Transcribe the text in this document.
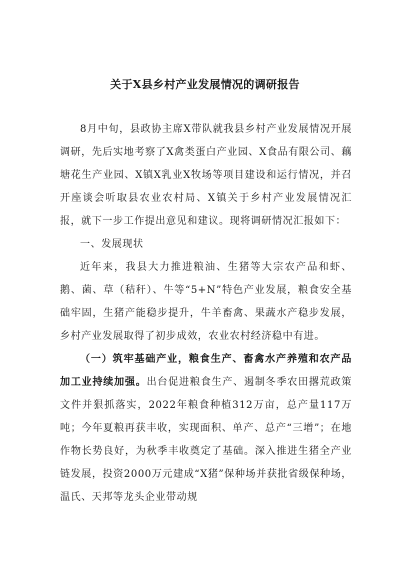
关于X县乡村产业发展情况的调研报告

8月中旬，县政协主席X带队就我县乡村产业发展情况开展调研，先后实地考察了X禽类蛋白产业园、X食品有限公司、藕塘花生产业园、X镇X乳业X牧场等项目建设和运行情况，并召开座谈会听取县农业农村局、X镇关于乡村产业发展情况汇报，就下一步工作提出意见和建议。现将调研情况汇报如下：

一、发展现状

近年来，我县大力推进粮油、生猪等大宗农产品和虾、鹅、菌、草（秸秆）、牛等“5+N”特色产业发展，粮食安全基础牢固，生猪产能稳步提升，牛羊畜禽、果蔬水产稳步发展，乡村产业发展取得了初步成效，农业农村经济稳中有进。

（一）筑牢基础产业，粮食生产、畜禽水产养殖和农产品加工业持续加强。出台促进粮食生产、遏制冬季农田撂荒政策文件并狠抓落实，2022年粮食种植312万亩，总产量117万吨；今年夏粮再获丰收，实现面积、单产、总产“三增”；在地作物长势良好，为秋季丰收奠定了基础。深入推进生猪全产业链发展，投资2000万元建成“X猪”保种场并获批省级保种场，温氏、天邦等龙头企业带动规
